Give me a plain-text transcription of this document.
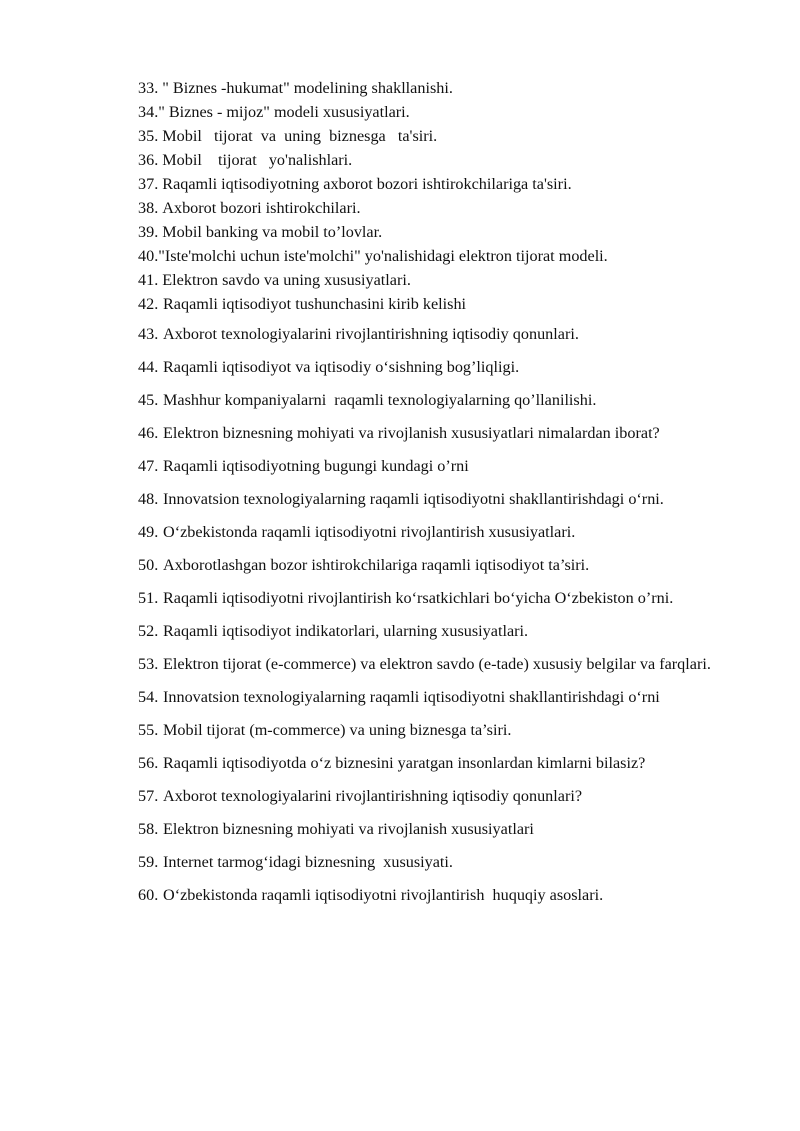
33. " Biznes -hukumat" modelining shakllanishi.
34. " Biznes - mijoz" modeli xususiyatlari.
35. Mobil   tijorat  va  uning  biznesga   ta'siri.
36. Mobil    tijorat   yo'nalishlari.
37. Raqamli iqtisodiyotning axborot bozori ishtirokchilariga ta'siri.
38. Axborot bozori ishtirokchilari.
39. Mobil banking va mobil to’lovlar.
40. "Iste'molchi uchun iste'molchi" yo'nalishidagi elektron tijorat modeli.
41. Elektron savdo va uning xususiyatlari.
42. Raqamli iqtisodiyot tushunchasini kirib kelishi
43. Axborot texnologiyalarini rivojlantirishning iqtisodiy qonunlari.
44. Raqamli iqtisodiyot va iqtisodiy o‘sishning bog’liqligi.
45. Mashhur kompaniyalarni  raqamli texnologiyalarning qo’llanilishi.
46. Elektron biznesning mohiyati va rivojlanish xususiyatlari nimalardan iborat?
47. Raqamli iqtisodiyotning bugungi kundagi o’rni
48. Innovatsion texnologiyalarning raqamli iqtisodiyotni shakllantirishdagi o‘rni.
49. O‘zbekistonda raqamli iqtisodiyotni rivojlantirish xususiyatlari.
50. Axborotlashgan bozor ishtirokchilariga raqamli iqtisodiyot ta’siri.
51. Raqamli iqtisodiyotni rivojlantirish ko‘rsatkichlari bo‘yicha O‘zbekiston o’rni.
52. Raqamli iqtisodiyot indikatorlari, ularning xususiyatlari.
53. Elektron tijorat (e-commerce) va elektron savdo (e-tade) xususiy belgilar va farqlari.
54. Innovatsion texnologiyalarning raqamli iqtisodiyotni shakllantirishdagi o‘rni
55. Mobil tijorat (m-commerce) va uning biznesga ta’siri.
56. Raqamli iqtisodiyotda o‘z biznesini yaratgan insonlardan kimlarni bilasiz?
57. Axborot texnologiyalarini rivojlantirishning iqtisodiy qonunlari?
58. Elektron biznesning mohiyati va rivojlanish xususiyatlari
59. Internet tarmog‘idagi biznesning  xususiyati.
60. O‘zbekistonda raqamli iqtisodiyotni rivojlantirish  huquqiy asoslari.
